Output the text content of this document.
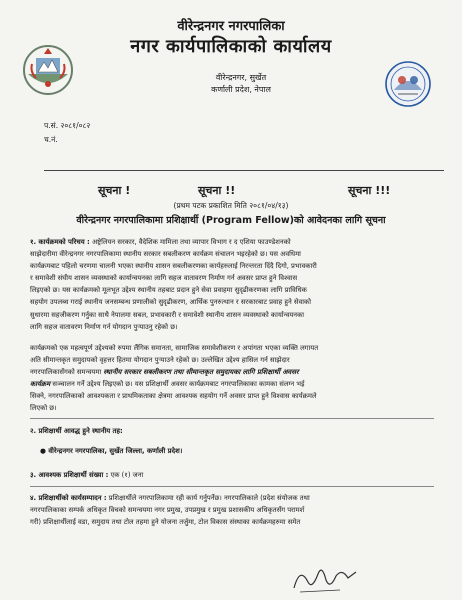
वीरेन्द्रनगर नगरपालिका
नगर कार्यपालिकाको कार्यालय
वीरेन्द्रनगर, सुर्खेत
कर्णाली प्रदेश, नेपाल
प.सं. २०८१/०८२
च.नं.
सूचना !	सूचना !!	सूचना !!!
(प्रथम पटक प्रकाशित मिति २०८१/०४/१३)
वीरेन्द्रनगर नगरपालिकामा प्रशिक्षार्थी (Program Fellow)को आवेदनका लागि सूचना
१. कार्यक्रमको परिचय : अष्ट्रेलियन सरकार, वैदेशिक मामिला तथा व्यापार विभाग र द एशिया फाउण्डेशनको
साझेदारीमा वीरेन्द्रनगर नगरपालिकामा स्थानीय सरकार सबलीकरण कार्यक्रम संचालन भइरहेको छ। यस अवधिमा
कार्यक्रमबाट पहिलो चरणमा चालनी भएका स्थानीय शासन सबलीकरणका कार्यहरुलाई निरन्तरता दिंदै दिगो, प्रभावकारी
र समावेशी संघीय शासन व्यवस्थाको कार्यान्वयनका लागि सहज वातावरण निर्माण गर्न अवसर प्राप्त हुने विश्वास
लिइएको छ। यस कार्यक्रमको मूलभूत उद्देश्य स्थानीय तहबाट प्रदान हुने सेवा प्रवाहमा सुदृढीकरणका लागि प्राविधिक
सहयोग उपलब्ध गराई स्थानीय जनसम्बन्ध प्रणालीको सुदृढीकरण, आर्थिक पुनरुत्थान र सरकारबाट प्रवाह हुने सेवाको
सुधारमा सहजीकरण गर्नुका साथै नेपालमा सबल, प्रभावकारी र समावेशी स्थानीय शासन व्यवस्थाको कार्यान्वयनका
लागि सहज वातावरण निर्माण गर्न योगदान पुऱ्याउनु रहेको छ।
कार्यक्रमको एक महत्वपूर्ण उद्देश्यको रुपमा लैंगिक समानता, सामाजिक समावेशीकरण र अपांगता भएका व्यक्ति लगायत
अति सीमान्तकृत समुदायको वृहत्तर हितमा योगदान पुऱ्याउने रहेको छ। उल्लेखित उद्देश्य हासिल गर्न साझेदार
नगरपालिकासँगको समन्वयमा स्थानीय सरकार सबलीकरण तथा सीमान्तकृत समुदायका लागि प्रशिक्षार्थी अवसर
कार्यक्रम सञ्चालन गर्ने उद्देश्य लिइएको छ। यस प्रशिक्षार्थी अवसर कार्यक्रमबाट नगरपालिकाका कामका संलग्न भई
सिक्ने, नगरपालिकाको आवश्यकता र प्राथमिकताका क्षेत्रमा आवश्यक सहयोग गर्ने अवसर प्राप्त हुने विश्वास कार्यक्रमले
लिएको छ।
२. प्रशिक्षार्थी आवद्ध हुने स्थानीय तह:
● वीरेन्द्रनगर नगरपालिका, सुर्खेत जिल्ला, कर्णाली प्रदेश।
३. आवश्यक प्रशिक्षार्थी संख्या : एक (१) जना
४. प्रशिक्षार्थीको कार्यसम्पादन : प्रशिक्षार्थीले नगरपालिकामा रही कार्य गर्नुपर्नेछ। नगरपालिकाले (प्रदेश संयोजक तथा
नगरपालिकाका सम्पर्क अधिकृत विचको समन्वयमा नगर प्रमुख, उपप्रमुख र प्रमुख प्रशासकीय अधिकृतसँग परामर्श
गरी) प्रशिक्षार्थीलाई वडा, समुदाय तथा टोल तहमा हुने योजना तर्जुमा, टोल विकास संस्थाका कार्यक्रमहरुमा समेत
